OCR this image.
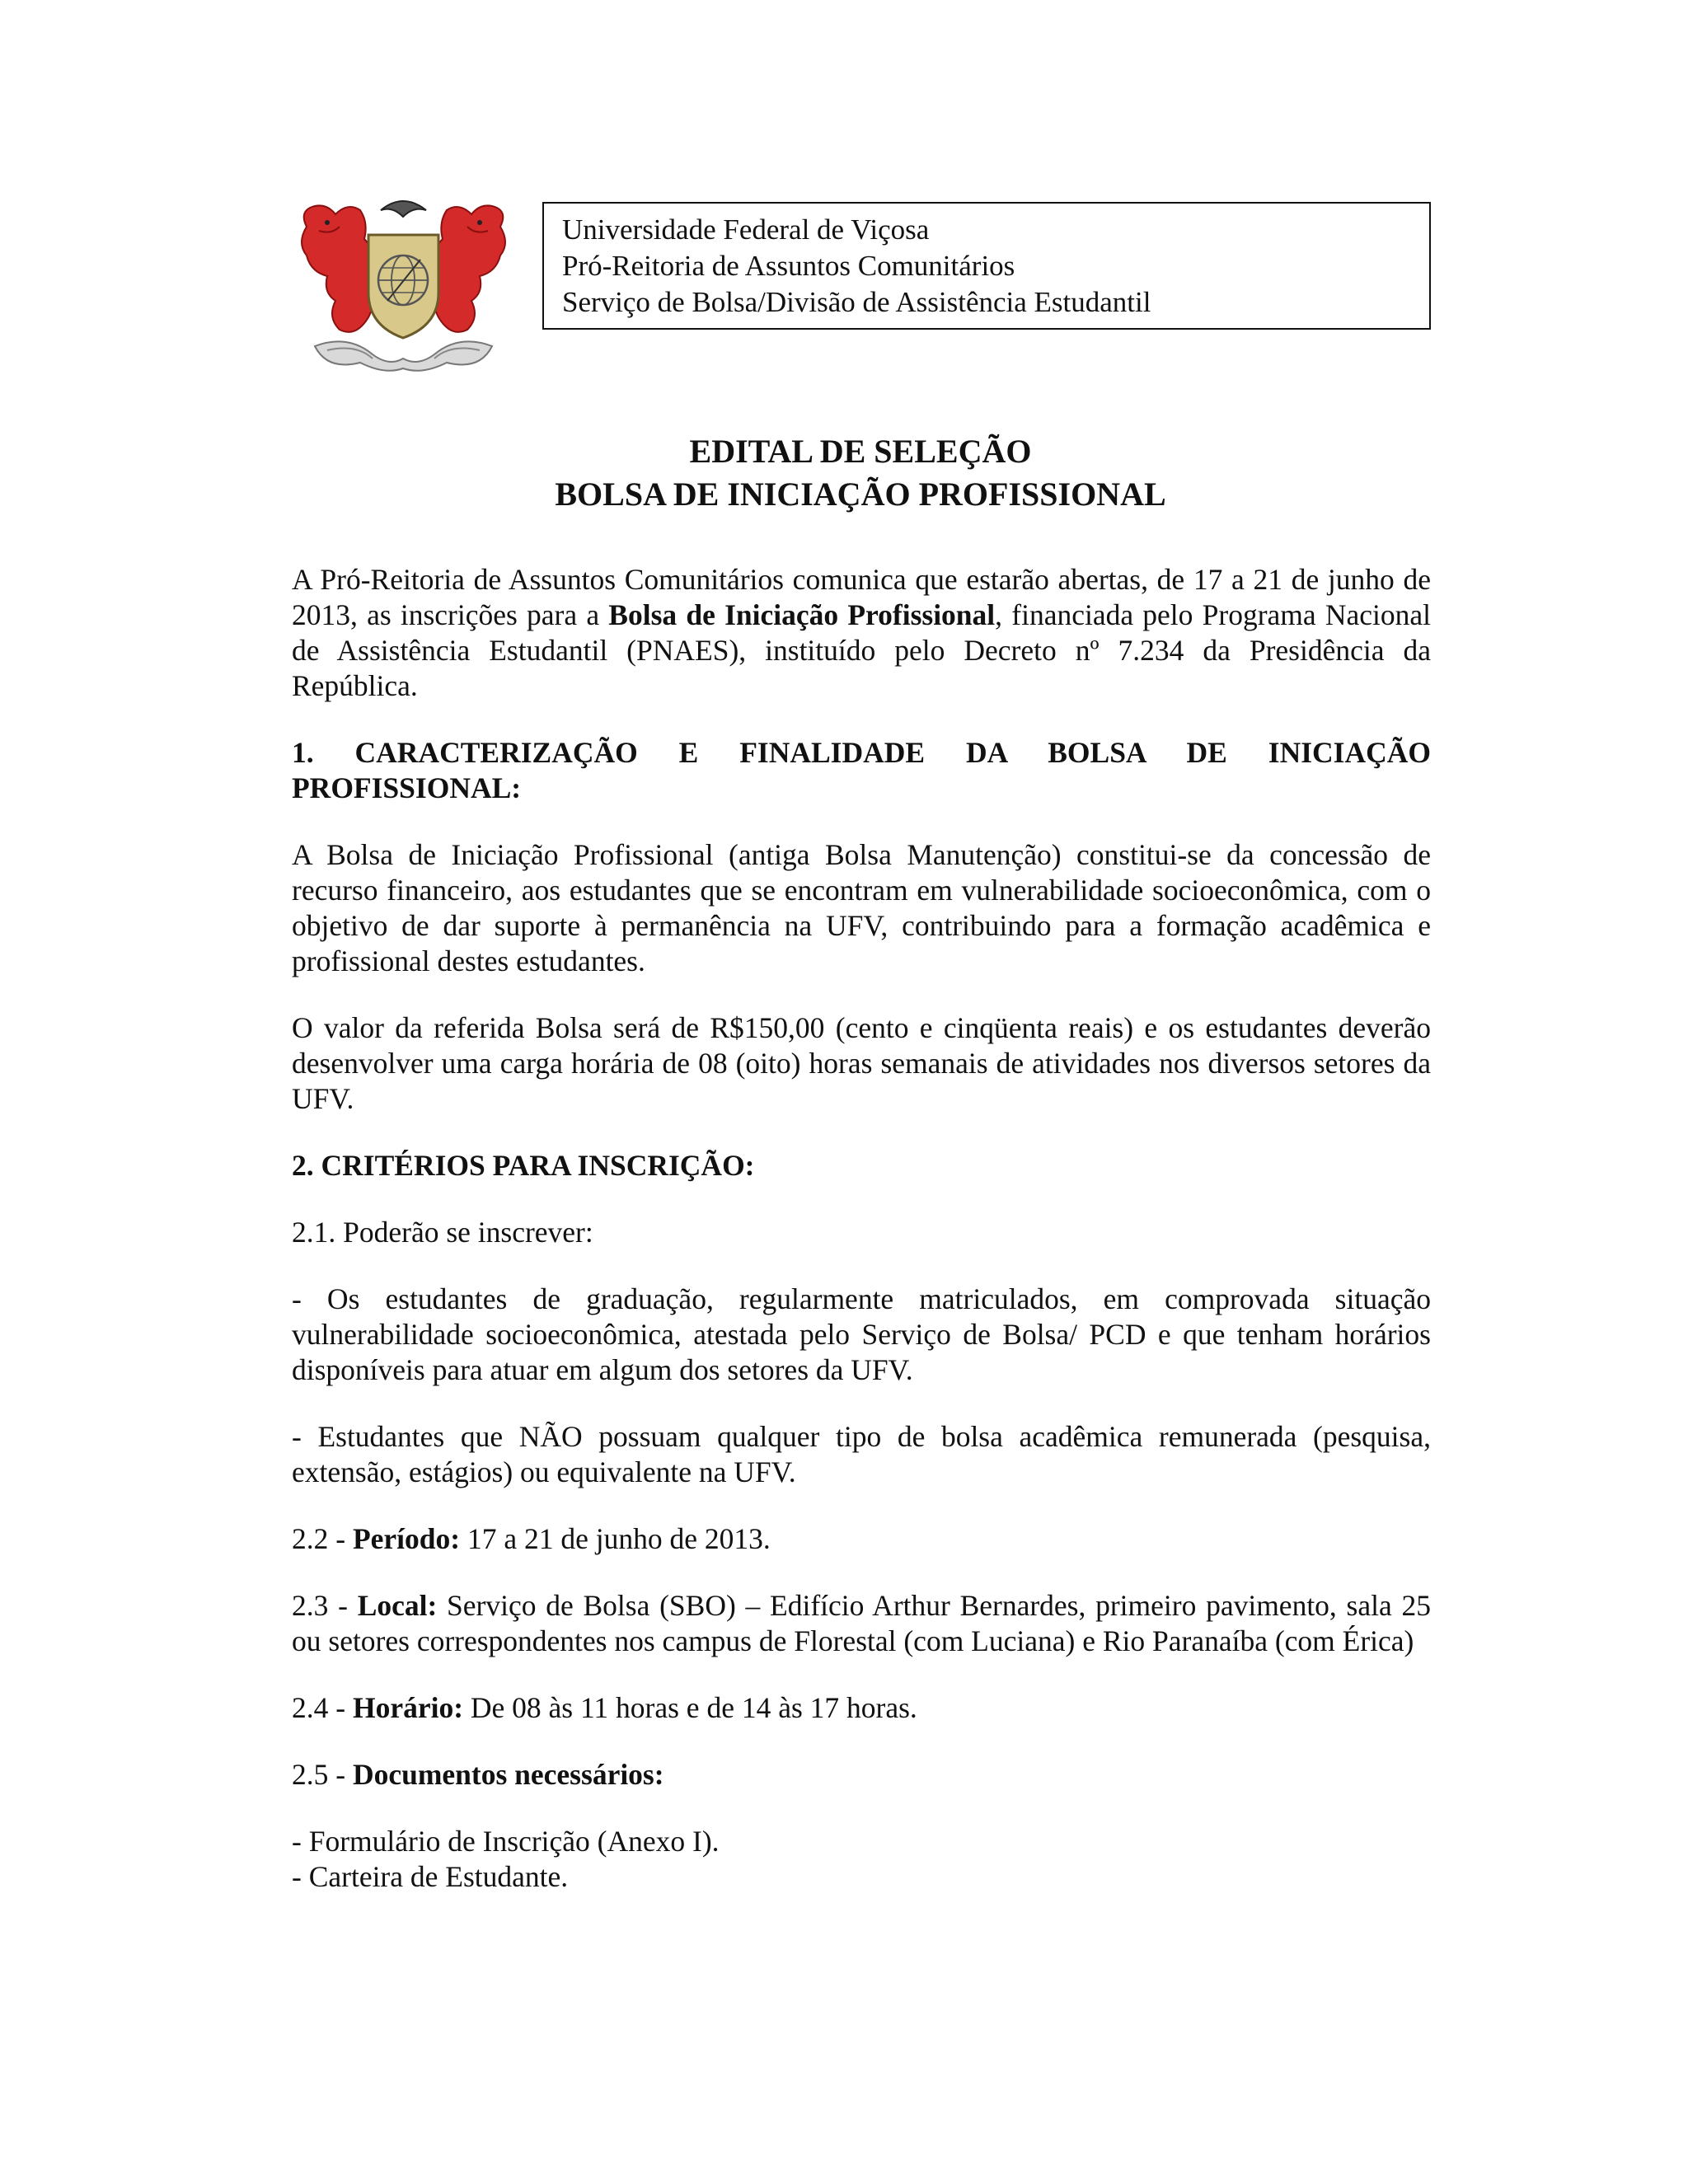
Universidade Federal de Viçosa
Pró-Reitoria de Assuntos Comunitários
Serviço de Bolsa/Divisão de Assistência Estudantil
EDITAL DE SELEÇÃO
BOLSA DE INICIAÇÃO PROFISSIONAL

A Pró-Reitoria de Assuntos Comunitários comunica que estarão abertas, de 17 a 21 de junho de 2013, as inscrições para a Bolsa de Iniciação Profissional, financiada pelo Programa Nacional de Assistência Estudantil (PNAES), instituído pelo Decreto nº 7.234 da Presidência da República.

1. CARACTERIZAÇÃO E FINALIDADE DA BOLSA DE INICIAÇÃO
PROFISSIONAL:

A Bolsa de Iniciação Profissional (antiga Bolsa Manutenção) constitui-se da concessão de recurso financeiro, aos estudantes que se encontram em vulnerabilidade socioeconômica, com o objetivo de dar suporte à permanência na UFV, contribuindo para a formação acadêmica e profissional destes estudantes.

O valor da referida Bolsa será de R$150,00 (cento e cinqüenta reais) e os estudantes deverão desenvolver uma carga horária de 08 (oito) horas semanais de atividades nos diversos setores da UFV.

2. CRITÉRIOS PARA INSCRIÇÃO:

2.1. Poderão se inscrever:

- Os estudantes de graduação, regularmente matriculados, em comprovada situação vulnerabilidade socioeconômica, atestada pelo Serviço de Bolsa/ PCD e que tenham horários disponíveis para atuar em algum dos setores da UFV.

- Estudantes que NÃO possuam qualquer tipo de bolsa acadêmica remunerada (pesquisa, extensão, estágios) ou equivalente na UFV.

2.2 - Período: 17 a 21 de junho de 2013.

2.3 - Local: Serviço de Bolsa (SBO) – Edifício Arthur Bernardes, primeiro pavimento, sala 25 ou setores correspondentes nos campus de Florestal (com Luciana) e Rio Paranaíba (com Érica)

2.4 - Horário: De 08 às 11 horas e de 14 às 17 horas.

2.5 - Documentos necessários:

- Formulário de Inscrição (Anexo I).

- Carteira de Estudante.
